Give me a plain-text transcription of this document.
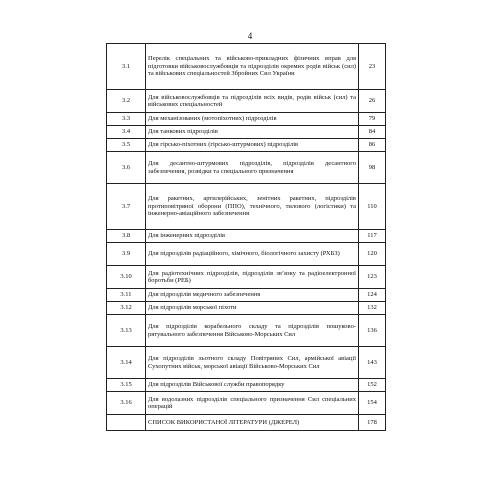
4
3.1	Перелік спеціальних та військово-прикладних фізичних вправ для підготовки військовослужбовців та підрозділів окремих родів військ (сил) та військових спеціальностей Збройних Сил України	23
3.2	Для військовослужбовців та підрозділів всіх видів, родів військ (сил) та військових спеціальностей	26
3.3	Для механізованих (мотопіхотних) підрозділів	79
3.4	Для танкових підрозділів	84
3.5	Для гірсько-піхотних (гірсько-штурмових) підрозділів	86
3.6	Для десантно-штурмових підрозділів, підрозділів десантного забезпечення, розвідки та спеціального призначення	98
3.7	Для ракетних, артилерійських, зенітних ракетних, підрозділів протиповітряної оборони (ППО), технічного, тилового (логістики) та інженерно-авіаційного забезпечення	110
3.8	Для інженерних підрозділів	117
3.9	Для підрозділів радіаційного, хімічного, біологічного захисту (РХБЗ)	120
3.10	Для радіотехнічних підрозділів, підрозділів зв’язку та радіоелектронної боротьби (РЕБ)	123
3.11	Для підрозділів медичного забезпечення	124
3.12	Для підрозділів морської піхоти	132
3.13	Для підрозділів корабельного складу та підрозділів пошуково-рятувального забезпечення Військово-Морських Сил	136
3.14	Для підрозділів льотного складу Повітряних Сил, армійської авіації Сухопутних військ, морської авіації Військово-Морських Сил	143
3.15	Для підрозділів Військової служби правопорядку	152
3.16	Для водолазних підрозділів спеціального призначення Сил спеціальних операцій	154
	СПИСОК ВИКОРИСТАНОЇ ЛІТЕРАТУРИ (ДЖЕРЕЛ)	178
